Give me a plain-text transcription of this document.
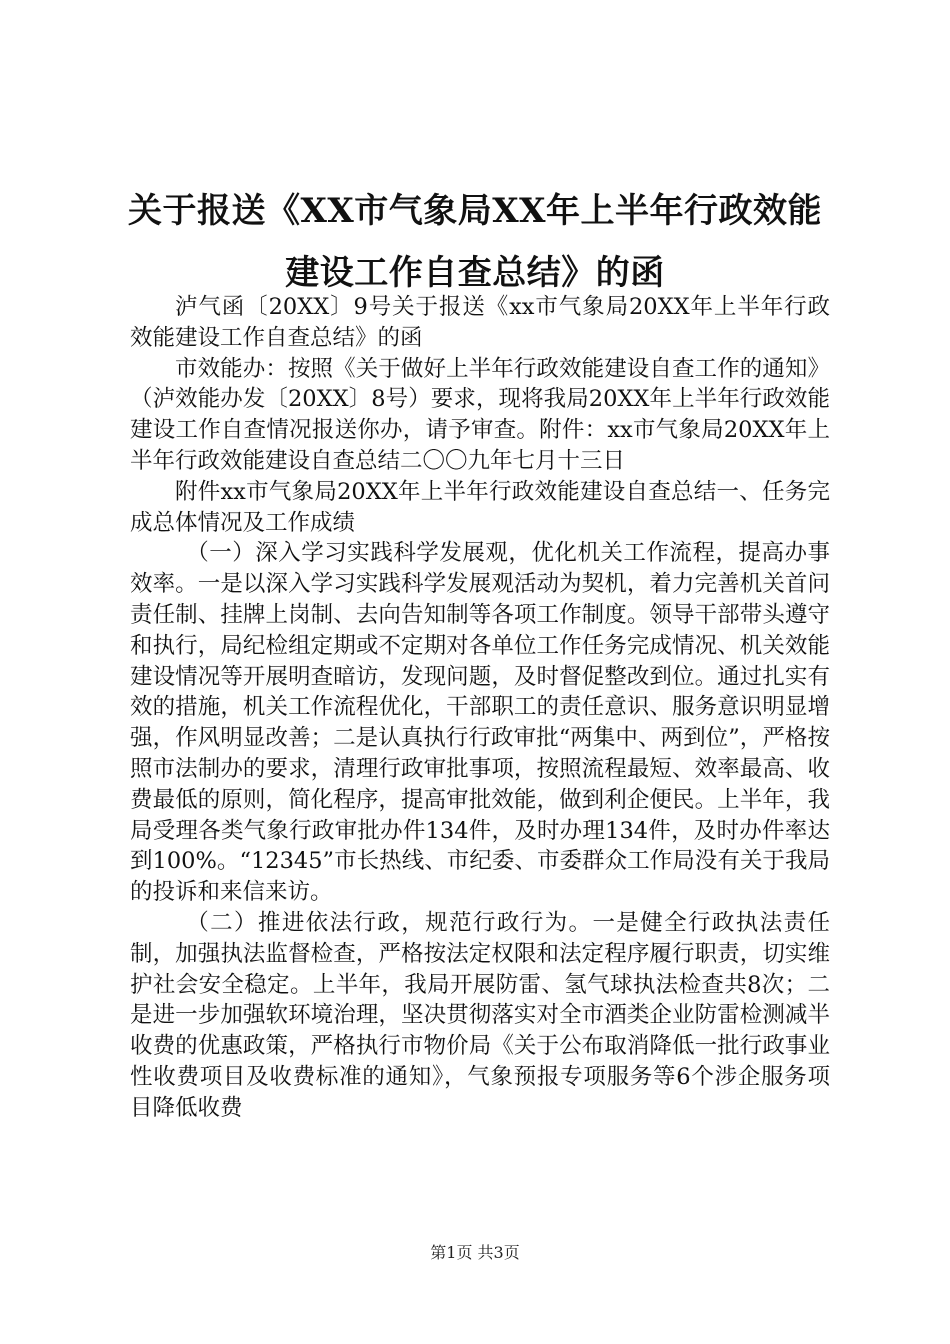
关于报送《XX市气象局XX年上半年行政效能
建设工作自查总结》的函

泸气函〔20XX〕9号关于报送《xx市气象局20XX年上半年行政效能建设工作自查总结》的函

市效能办：按照《关于做好上半年行政效能建设自查工作的通知》（泸效能办发〔20XX〕8号）要求，现将我局20XX年上半年行政效能建设工作自查情况报送你办，请予审查。附件：xx市气象局20XX年上半年行政效能建设自查总结二〇〇九年七月十三日

附件xx市气象局20XX年上半年行政效能建设自查总结一、任务完成总体情况及工作成绩

（一）深入学习实践科学发展观，优化机关工作流程，提高办事效率。一是以深入学习实践科学发展观活动为契机，着力完善机关首问责任制、挂牌上岗制、去向告知制等各项工作制度。领导干部带头遵守和执行，局纪检组定期或不定期对各单位工作任务完成情况、机关效能建设情况等开展明查暗访，发现问题，及时督促整改到位。通过扎实有效的措施，机关工作流程优化，干部职工的责任意识、服务意识明显增强，作风明显改善；二是认真执行行政审批“两集中、两到位”，严格按照市法制办的要求，清理行政审批事项，按照流程最短、效率最高、收费最低的原则，简化程序，提高审批效能，做到利企便民。上半年，我局受理各类气象行政审批办件134件，及时办理134件，及时办件率达到100%。“12345”市长热线、市纪委、市委群众工作局没有关于我局的投诉和来信来访。

（二）推进依法行政，规范行政行为。一是健全行政执法责任制，加强执法监督检查，严格按法定权限和法定程序履行职责，切实维护社会安全稳定。上半年，我局开展防雷、氢气球执法检查共8次；二是进一步加强软环境治理，坚决贯彻落实对全市酒类企业防雷检测减半收费的优惠政策，严格执行市物价局《关于公布取消降低一批行政事业性收费项目及收费标准的通知》，气象预报专项服务等6个涉企服务项目降低收费

第1页 共3页
